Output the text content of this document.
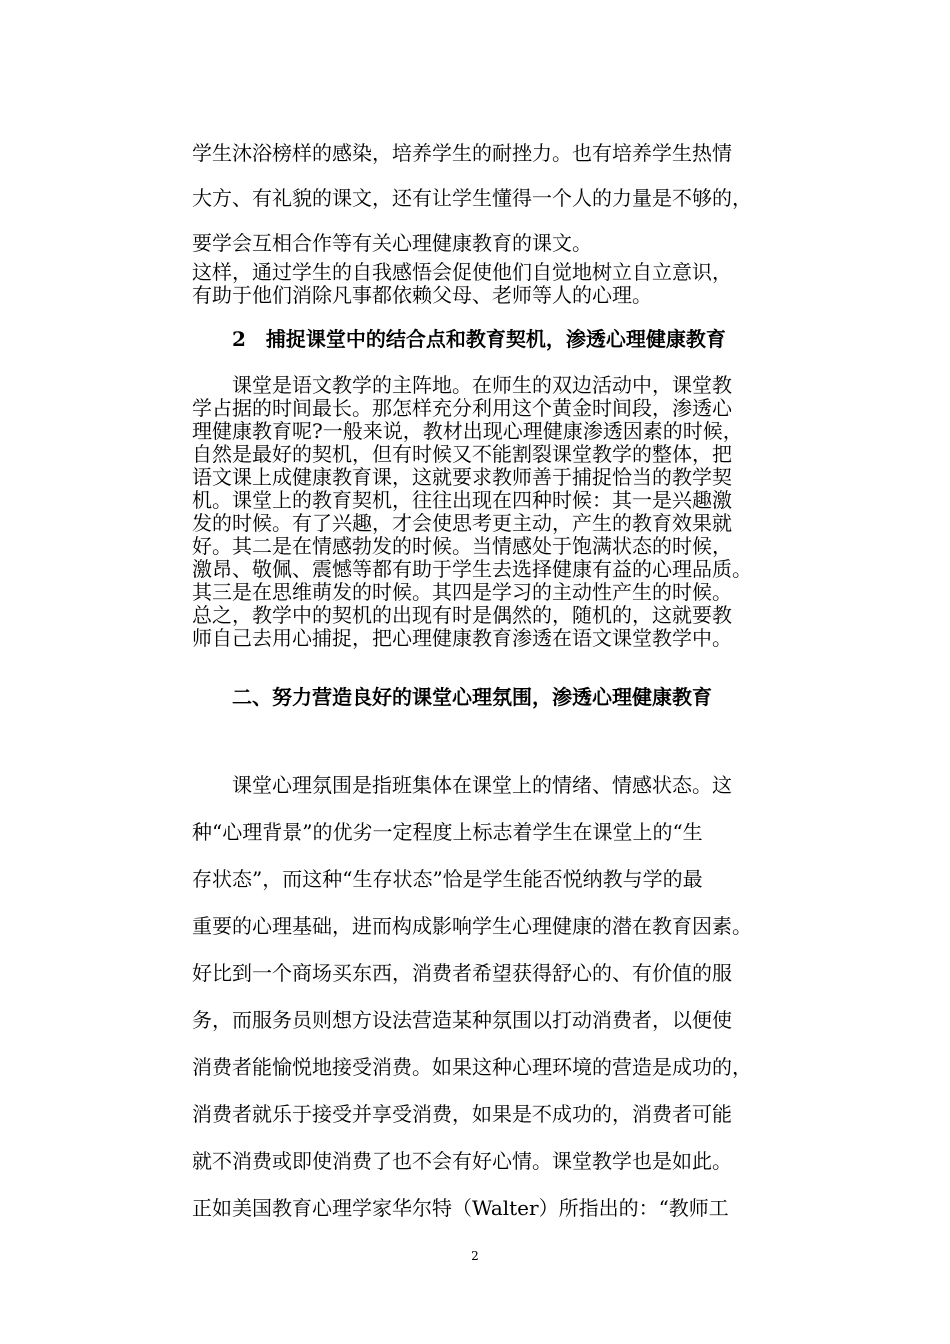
学生沐浴榜样的感染，培养学生的耐挫力。也有培养学生热情
大方、有礼貌的课文，还有让学生懂得一个人的力量是不够的，
要学会互相合作等有关心理健康教育的课文。
这样，通过学生的自我感悟会促使他们自觉地树立自立意识，
有助于他们消除凡事都依赖父母、老师等人的心理。
2　捕捉课堂中的结合点和教育契机，渗透心理健康教育
　　课堂是语文教学的主阵地。在师生的双边活动中，课堂教
学占据的时间最长。那怎样充分利用这个黄金时间段，渗透心
理健康教育呢?一般来说，教材出现心理健康渗透因素的时候，
自然是最好的契机，但有时候又不能割裂课堂教学的整体，把
语文课上成健康教育课，这就要求教师善于捕捉恰当的教学契
机。课堂上的教育契机，往往出现在四种时候：其一是兴趣激
发的时候。有了兴趣，才会使思考更主动，产生的教育效果就
好。其二是在情感勃发的时候。当情感处于饱满状态的时候，
激昂、敬佩、震憾等都有助于学生去选择健康有益的心理品质。
其三是在思维萌发的时候。其四是学习的主动性产生的时候。
总之，教学中的契机的出现有时是偶然的，随机的，这就要教
师自己去用心捕捉，把心理健康教育渗透在语文课堂教学中。
二、努力营造良好的课堂心理氛围，渗透心理健康教育
　　课堂心理氛围是指班集体在课堂上的情绪、情感状态。这
种“心理背景”的优劣一定程度上标志着学生在课堂上的“生
存状态”，而这种“生存状态”恰是学生能否悦纳教与学的最
重要的心理基础，进而构成影响学生心理健康的潜在教育因素。
好比到一个商场买东西，消费者希望获得舒心的、有价值的服
务，而服务员则想方设法营造某种氛围以打动消费者，以便使
消费者能愉悦地接受消费。如果这种心理环境的营造是成功的，
消费者就乐于接受并享受消费，如果是不成功的，消费者可能
就不消费或即使消费了也不会有好心情。课堂教学也是如此。
正如美国教育心理学家华尔特（Walter）所指出的：“教师工
2
